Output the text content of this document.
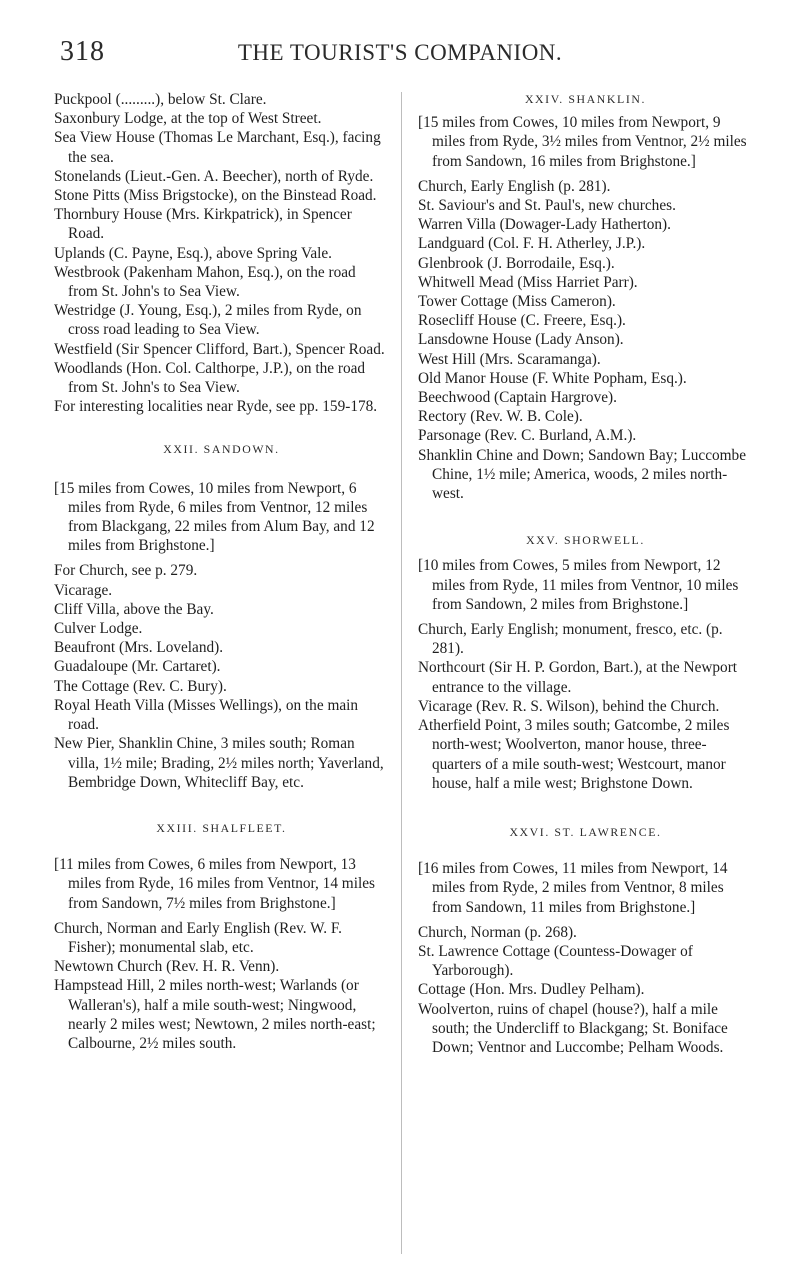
318	THE TOURIST'S COMPANION.

Puckpool (.........), below St. Clare.

Saxonbury Lodge, at the top of West Street.

Sea View House (Thomas Le Marchant, Esq.), facing the sea.

Stonelands (Lieut.-Gen. A. Beecher), north of Ryde.

Stone Pitts (Miss Brigstocke), on the Binstead Road.

Thornbury House (Mrs. Kirkpatrick), in Spencer Road.

Uplands (C. Payne, Esq.), above Spring Vale.

Westbrook (Pakenham Mahon, Esq.), on the road from St. John's to Sea View.

Westridge (J. Young, Esq.), 2 miles from Ryde, on cross road leading to Sea View.

Westfield (Sir Spencer Clifford, Bart.), Spencer Road.

Woodlands (Hon. Col. Calthorpe, J.P.), on the road from St. John's to Sea View.

For interesting localities near Ryde, see pp. 159-178.

XXII. SANDOWN.

[15 miles from Cowes, 10 miles from Newport, 6 miles from Ryde, 6 miles from Ventnor, 12 miles from Blackgang, 22 miles from Alum Bay, and 12 miles from Brighstone.]

For Church, see p. 279.

Vicarage.

Cliff Villa, above the Bay.

Culver Lodge.

Beaufront (Mrs. Loveland).

Guadaloupe (Mr. Cartaret).

The Cottage (Rev. C. Bury).

Royal Heath Villa (Misses Wellings), on the main road.

New Pier, Shanklin Chine, 3 miles south; Roman villa, 1½ mile; Brading, 2½ miles north; Yaverland, Bembridge Down, Whitecliff Bay, etc.

XXIII. SHALFLEET.

[11 miles from Cowes, 6 miles from Newport, 13 miles from Ryde, 16 miles from Ventnor, 14 miles from Sandown, 7½ miles from Brighstone.]

Church, Norman and Early English (Rev. W. F. Fisher); monumental slab, etc.

Newtown Church (Rev. H. R. Venn).

Hampstead Hill, 2 miles north-west; Warlands (or Walleran's), half a mile south-west; Ningwood, nearly 2 miles west; Newtown, 2 miles north-east; Calbourne, 2½ miles south.

XXIV. SHANKLIN.

[15 miles from Cowes, 10 miles from Newport, 9 miles from Ryde, 3½ miles from Ventnor, 2½ miles from Sandown, 16 miles from Brighstone.]

Church, Early English (p. 281).

St. Saviour's and St. Paul's, new churches.

Warren Villa (Dowager-Lady Hatherton).

Landguard (Col. F. H. Atherley, J.P.).

Glenbrook (J. Borrodaile, Esq.).

Whitwell Mead (Miss Harriet Parr).

Tower Cottage (Miss Cameron).

Rosecliff House (C. Freere, Esq.).

Lansdowne House (Lady Anson).

West Hill (Mrs. Scaramanga).

Old Manor House (F. White Popham, Esq.).

Beechwood (Captain Hargrove).

Rectory (Rev. W. B. Cole).

Parsonage (Rev. C. Burland, A.M.).

Shanklin Chine and Down; Sandown Bay; Luccombe Chine, 1½ mile; America, woods, 2 miles north-west.

XXV. SHORWELL.

[10 miles from Cowes, 5 miles from Newport, 12 miles from Ryde, 11 miles from Ventnor, 10 miles from Sandown, 2 miles from Brighstone.]

Church, Early English; monument, fresco, etc. (p. 281).

Northcourt (Sir H. P. Gordon, Bart.), at the Newport entrance to the village.

Vicarage (Rev. R. S. Wilson), behind the Church.

Atherfield Point, 3 miles south; Gatcombe, 2 miles north-west; Woolverton, manor house, three-quarters of a mile south-west; Westcourt, manor house, half a mile west; Brighstone Down.

XXVI. ST. LAWRENCE.

[16 miles from Cowes, 11 miles from Newport, 14 miles from Ryde, 2 miles from Ventnor, 8 miles from Sandown, 11 miles from Brighstone.]

Church, Norman (p. 268).

St. Lawrence Cottage (Countess-Dowager of Yarborough).

Cottage (Hon. Mrs. Dudley Pelham).

Woolverton, ruins of chapel (house?), half a mile south; the Undercliff to Blackgang; St. Boniface Down; Ventnor and Luccombe; Pelham Woods.
